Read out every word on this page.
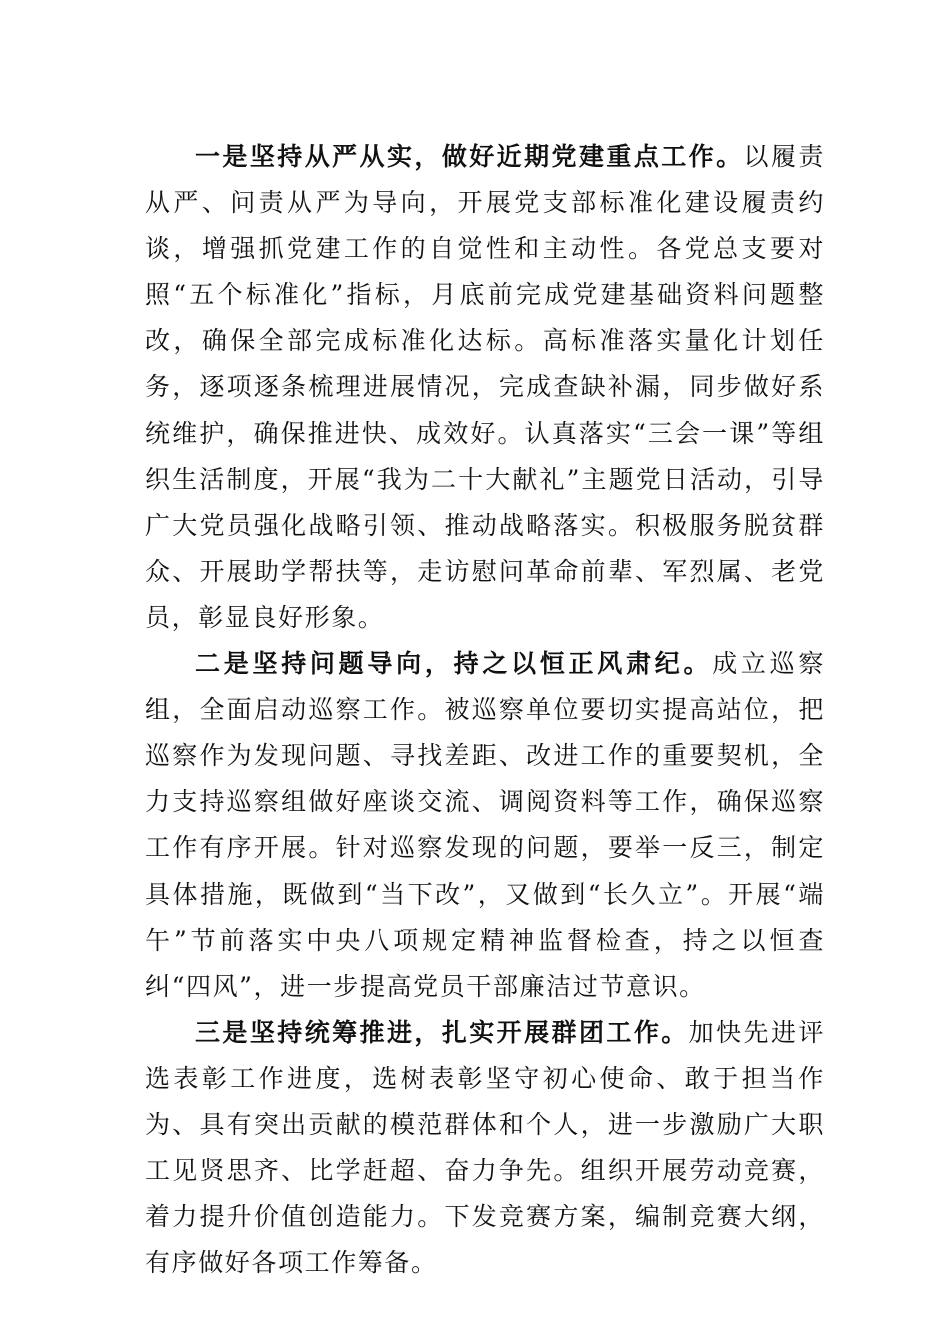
一是坚持从严从实，做好近期党建重点工作。以履责从严、问责从严为导向，开展党支部标准化建设履责约谈，增强抓党建工作的自觉性和主动性。各党总支要对照“五个标准化”指标，月底前完成党建基础资料问题整改，确保全部完成标准化达标。高标准落实量化计划任务，逐项逐条梳理进展情况，完成查缺补漏，同步做好系统维护，确保推进快、成效好。认真落实“三会一课”等组织生活制度，开展“我为二十大献礼”主题党日活动，引导广大党员强化战略引领、推动战略落实。积极服务脱贫群众、开展助学帮扶等，走访慰问革命前辈、军烈属、老党员，彰显良好形象。

二是坚持问题导向，持之以恒正风肃纪。成立巡察组，全面启动巡察工作。被巡察单位要切实提高站位，把巡察作为发现问题、寻找差距、改进工作的重要契机，全力支持巡察组做好座谈交流、调阅资料等工作，确保巡察工作有序开展。针对巡察发现的问题，要举一反三，制定具体措施，既做到“当下改”，又做到“长久立”。开展“端午”节前落实中央八项规定精神监督检查，持之以恒查纠“四风”，进一步提高党员干部廉洁过节意识。

三是坚持统筹推进，扎实开展群团工作。加快先进评选表彰工作进度，选树表彰坚守初心使命、敢于担当作为、具有突出贡献的模范群体和个人，进一步激励广大职工见贤思齐、比学赶超、奋力争先。组织开展劳动竞赛，着力提升价值创造能力。下发竞赛方案，编制竞赛大纲，有序做好各项工作筹备。
